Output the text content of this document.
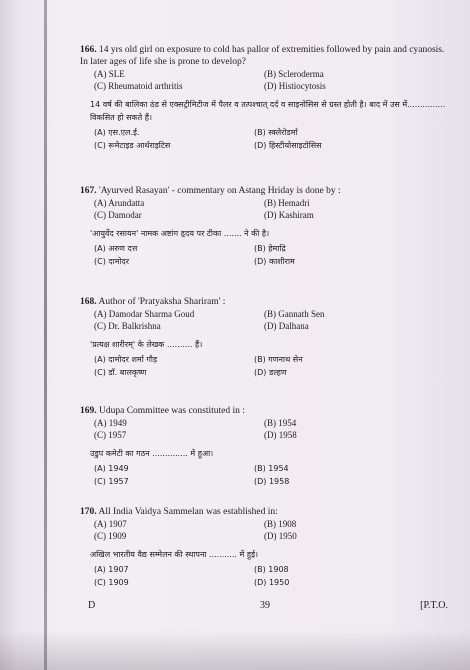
166. 14 yrs old girl on exposure to cold has pallor of extremities followed by pain and cyanosis. In later ages of life she is prone to develop?

(A) SLE	(B) Scleroderma
(C) Rheumatoid arthritis	(D) Histiocytosis
14 वर्ष की बालिका ठंड से एक्सट्रीमिटीज में पैलर व तत्पश्चात् दर्द व साइनोसिस से ग्रस्त होती है। बाद में उस में............... विकसित हो सकते हैं।
(A) एस.एल.ई.	(B) स्क्लेरोडर्मा
(C) रूमेटाइड आर्थराइटिस	(D) हिस्टीयोसाइटोसिस

167. 'Ayurved Rasayan' - commentary on Astang Hriday is done by :

(A) Arundatta	(B) Hemadri
(C) Damodar	(D) Kashiram
'आयुर्वेद रसायन' नामक अष्टांग हृदय पर टीका ....... ने की है।
(A) अरुण दत्त	(B) हेमाद्रि
(C) दामोदर	(D) काशीराम

168. Author of 'Pratyaksha Shariram' :

(A) Damodar Sharma Goud	(B) Gannath Sen
(C) Dr. Balkrishna	(D) Dalhana
'प्रत्यक्ष शारीरम्' के लेखक .......... हैं।
(A) दामोदर शर्मा गौड़	(B) गणनाथ सेन
(C) डॉ. बालकृष्ण	(D) डल्हण

169. Udupa Committee was constituted in :

(A) 1949	(B) 1954
(C) 1957	(D) 1958
उडुप कमेटी का गठन .............. में हुआ।
(A) 1949	(B) 1954
(C) 1957	(D) 1958

170. All India Vaidya Sammelan was established in:

(A) 1907	(B) 1908
(C) 1909	(D) 1950
अखिल भारतीय वैद्य सम्मेलन की स्थापना ........... में हुई।
(A) 1907	(B) 1908
(C) 1909	(D) 1950
D	39	[P.T.O.
